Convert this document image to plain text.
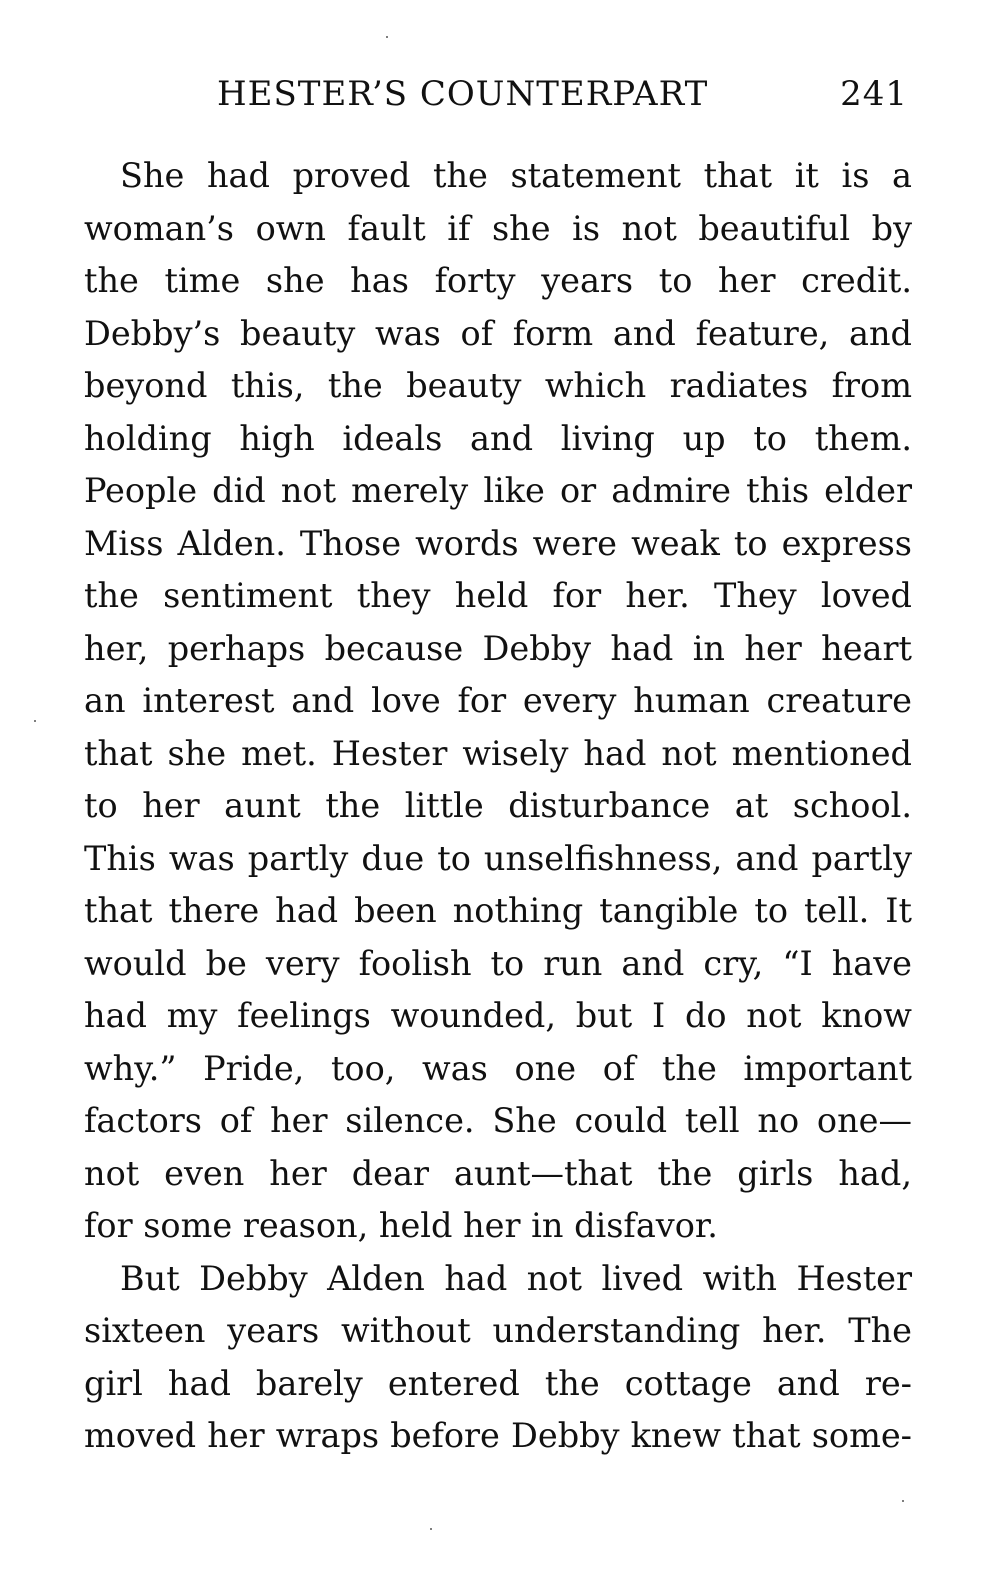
HESTER’S COUNTERPART	241
She had proved the statement that it is a
woman’s own fault if she is not beautiful by
the time she has forty years to her credit.
Debby’s beauty was of form and feature, and
beyond this, the beauty which radiates from
holding high ideals and living up to them.
People did not merely like or admire this elder
Miss Alden. Those words were weak to express
the sentiment they held for her. They loved
her, perhaps because Debby had in her heart
an interest and love for every human creature
that she met. Hester wisely had not mentioned
to her aunt the little disturbance at school.
This was partly due to unselfishness, and partly
that there had been nothing tangible to tell. It
would be very foolish to run and cry, “I have
had my feelings wounded, but I do not know
why.” Pride, too, was one of the important
factors of her silence. She could tell no one—
not even her dear aunt—that the girls had,
for some reason, held her in disfavor.
But Debby Alden had not lived with Hester
sixteen years without understanding her. The
girl had barely entered the cottage and re-
moved her wraps before Debby knew that some-
